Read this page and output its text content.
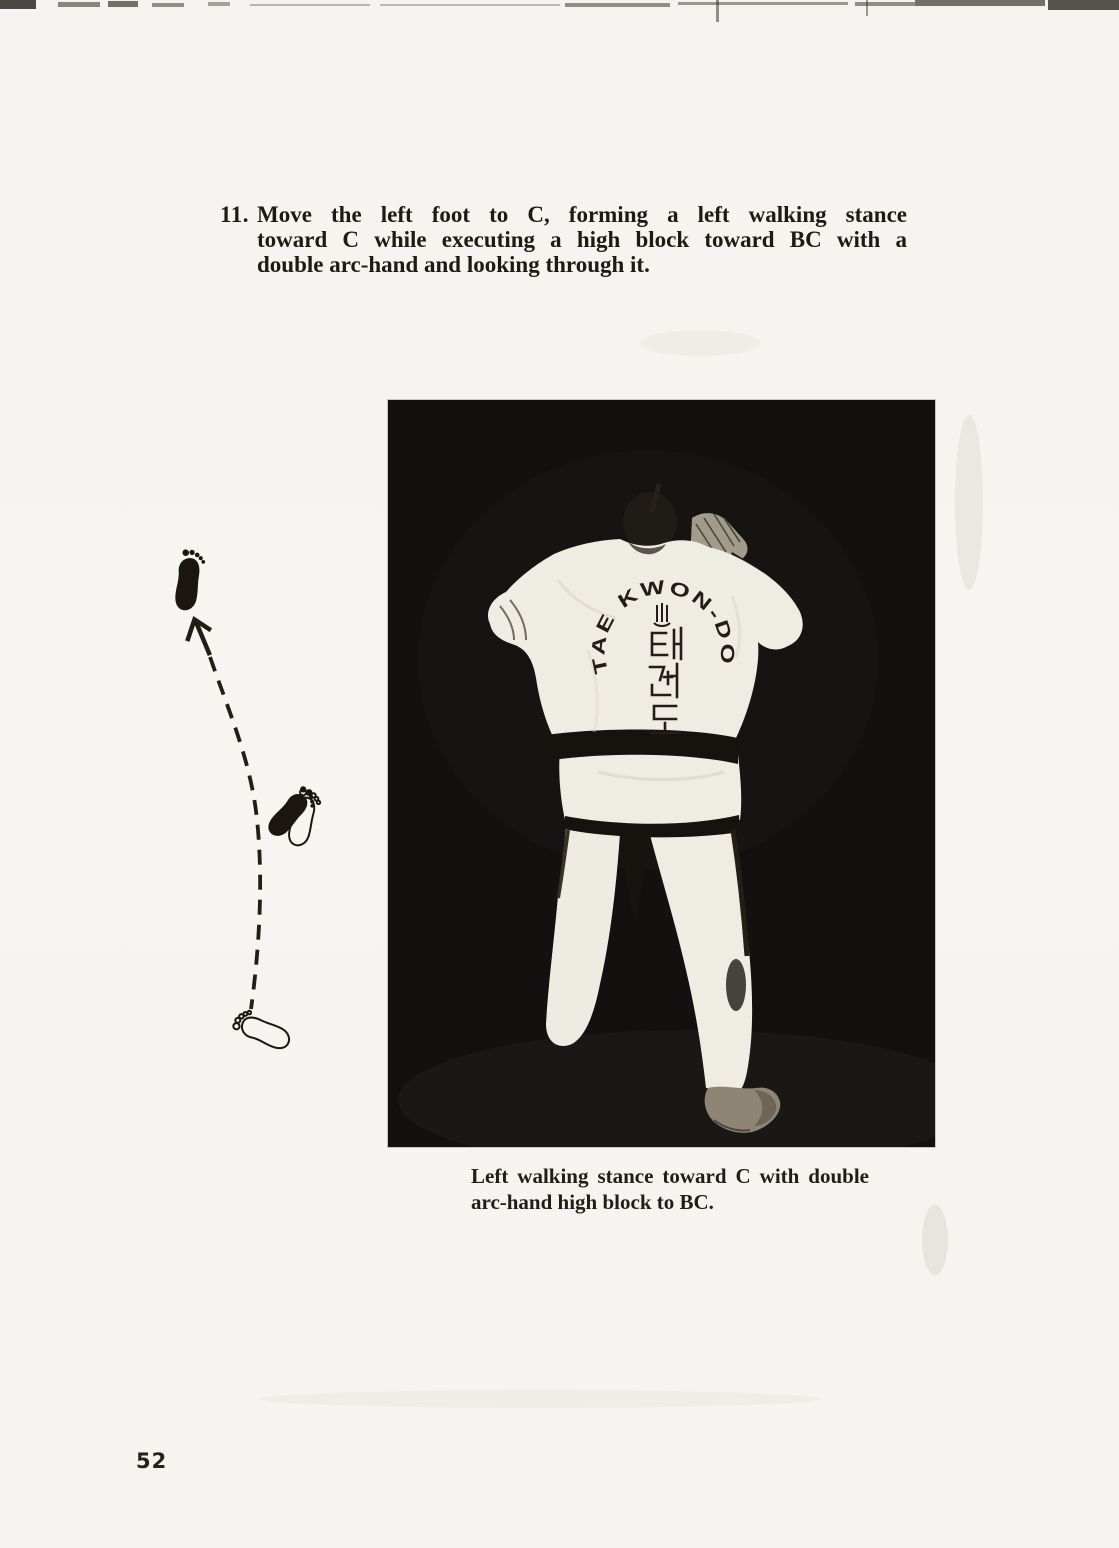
11. Move the left foot to C, forming a left walking stance
toward C while executing a high block toward BC with a
double arc-hand and looking through it.
TAE KWON-DO
Left walking stance toward C with double
arc-hand high block to BC.
52
